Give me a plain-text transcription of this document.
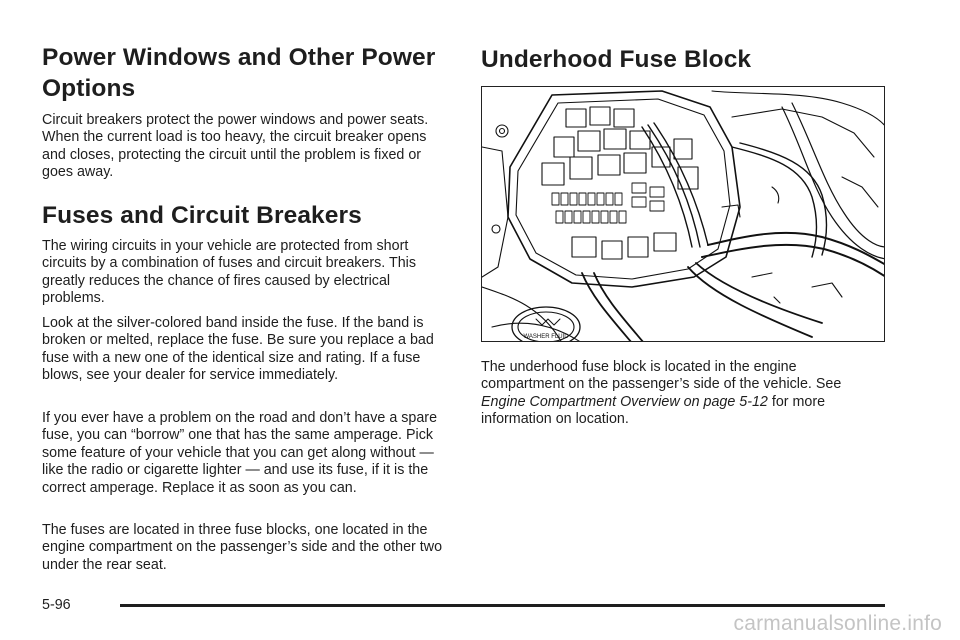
Power Windows and Other Power Options

Circuit breakers protect the power windows and power seats. When the current load is too heavy, the circuit breaker opens and closes, protecting the circuit until the problem is fixed or goes away.

Fuses and Circuit Breakers

The wiring circuits in your vehicle are protected from short circuits by a combination of fuses and circuit breakers. This greatly reduces the chance of fires caused by electrical problems.

Look at the silver-colored band inside the fuse. If the band is broken or melted, replace the fuse. Be sure you replace a bad fuse with a new one of the identical size and rating. If a fuse blows, see your dealer for service immediately.

If you ever have a problem on the road and don’t have a spare fuse, you can “borrow” one that has the same amperage. Pick some feature of your vehicle that you can get along without — like the radio or cigarette lighter — and use its fuse, if it is the correct amperage. Replace it as soon as you can.

The fuses are located in three fuse blocks, one located in the engine compartment on the passenger’s side and the other two under the rear seat.

Underhood Fuse Block

The underhood fuse block is located in the engine compartment on the passenger’s side of the vehicle. See Engine Compartment Overview on page 5-12 for more information on location.

WASHER FLUID
5-96
carmanualsonline.info
